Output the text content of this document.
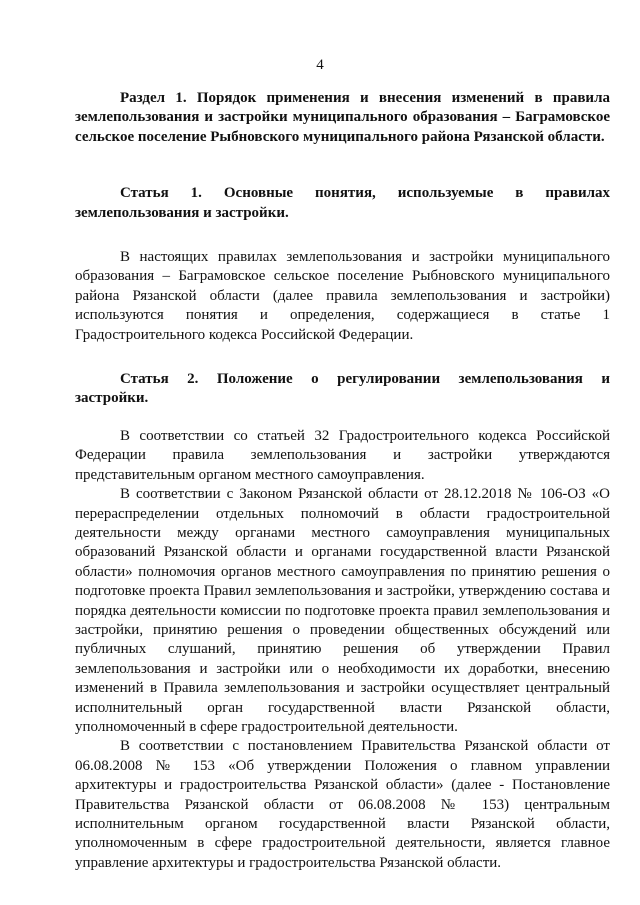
4

Раздел 1. Порядок применения и внесения изменений в правила землепользования и застройки муниципального образования – Баграмовское сельское поселение Рыбновского муниципального района Рязанской области.

Статья 1. Основные понятия, используемые в правилах землепользования и застройки.

В настоящих правилах землепользования и застройки муниципального образования – Баграмовское сельское поселение Рыбновского муниципального района Рязанской области (далее правила землепользования и застройки) используются понятия и определения, содержащиеся в статье 1 Градостроительного кодекса Российской Федерации.

Статья 2. Положение о регулировании землепользования и застройки.

В соответствии со статьей 32 Градостроительного кодекса Российской Федерации правила землепользования и застройки утверждаются представительным органом местного самоуправления.

В соответствии с Законом Рязанской области от 28.12.2018 № 106-ОЗ «О перераспределении отдельных полномочий в области градостроительной деятельности между органами местного самоуправления муниципальных образований Рязанской области и органами государственной власти Рязанской области» полномочия органов местного самоуправления по принятию решения о подготовке проекта Правил землепользования и застройки, утверждению состава и порядка деятельности комиссии по подготовке проекта правил землепользования и застройки, принятию решения о проведении общественных обсуждений или публичных слушаний, принятию решения об утверждении Правил землепользования и застройки или о необходимости их доработки, внесению изменений в Правила землепользования и застройки осуществляет центральный исполнительный орган государственной власти Рязанской области, уполномоченный в сфере градостроительной деятельности.

В соответствии с постановлением Правительства Рязанской области от 06.08.2008 № 153 «Об утверждении Положения о главном управлении архитектуры и градостроительства Рязанской области» (далее - Постановление Правительства Рязанской области от 06.08.2008 № 153) центральным исполнительным органом государственной власти Рязанской области, уполномоченным в сфере градостроительной деятельности, является главное управление архитектуры и градостроительства Рязанской области.
